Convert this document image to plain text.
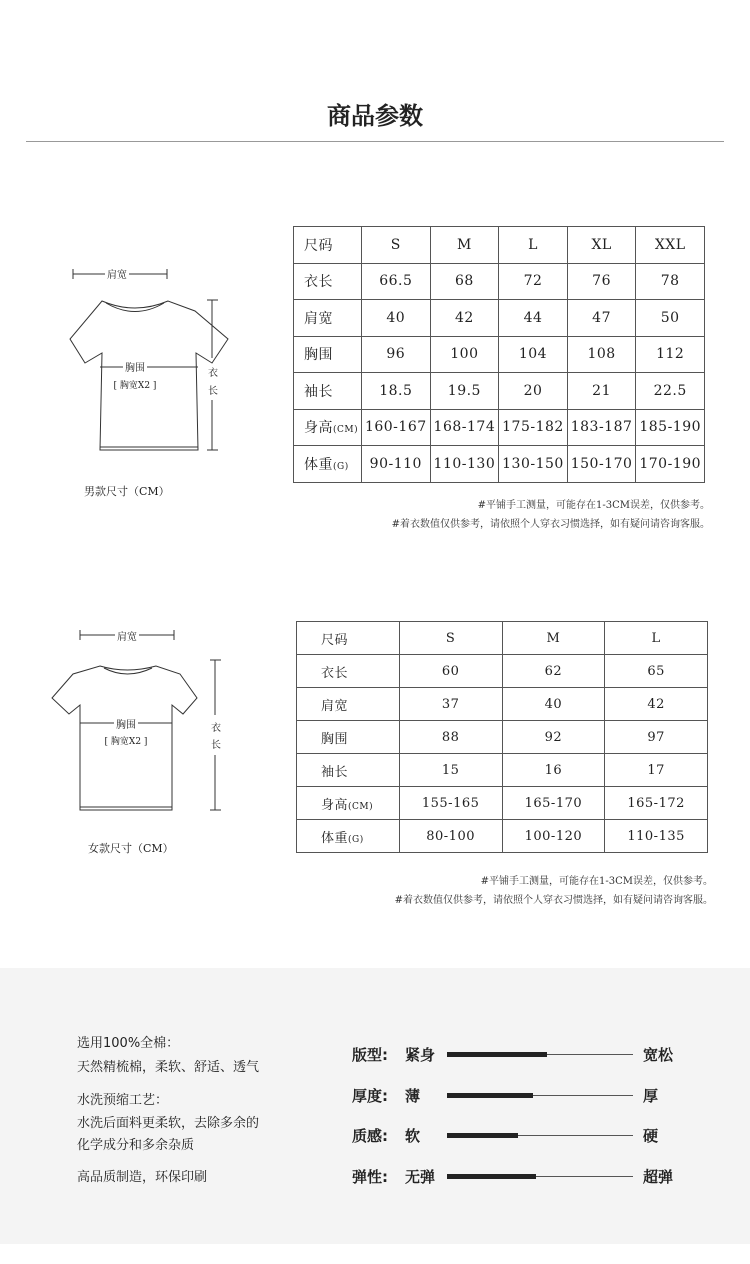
商品参数
肩宽
胸围
[ 胸宽X2 ]
衣
长
男款尺寸（CM）
尺码	S	M	L	XL	XXL
衣长	66.5	68	72	76	78
肩宽	40	42	44	47	50
胸围	96	100	104	108	112
袖长	18.5	19.5	20	21	22.5
身高(CM)	160-167	168-174	175-182	183-187	185-190
体重(G)	90-110	110-130	130-150	150-170	170-190
#平铺手工测量，可能存在1-3CM误差，仅供参考。
#着衣数值仅供参考，请依照个人穿衣习惯选择，如有疑问请咨询客服。
肩宽
胸围
[ 胸宽X2 ]
衣
长
女款尺寸（CM）
尺码	S	M	L
衣长	60	62	65
肩宽	37	40	42
胸围	88	92	97
袖长	15	16	17
身高(CM)	155-165	165-170	165-172
体重(G)	80-100	100-120	110-135
#平铺手工测量，可能存在1-3CM误差，仅供参考。
#着衣数值仅供参考，请依照个人穿衣习惯选择，如有疑问请咨询客服。
选用100%全棉：
天然精梳棉，柔软、舒适、透气
水洗预缩工艺：
水洗后面料更柔软，去除多余的
化学成分和多余杂质
高品质制造，环保印刷
版型: 紧身	宽松
厚度: 薄	厚
质感: 软	硬
弹性: 无弹	超弹
